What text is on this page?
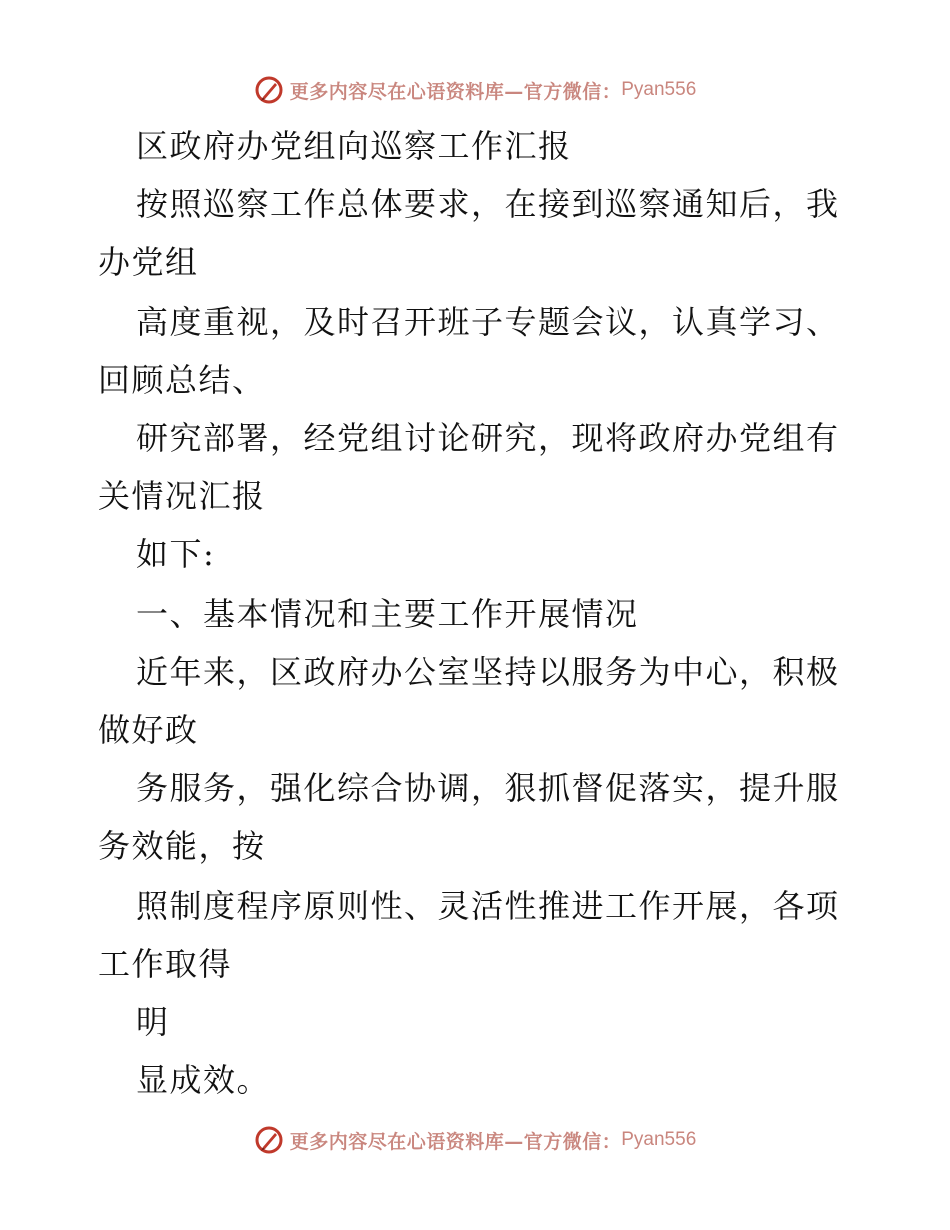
更多内容尽在心语资料库—官方微信： Pyan556
区政府办党组向巡察工作汇报
按照巡察工作总体要求，在接到巡察通知后，我
办党组
高度重视，及时召开班子专题会议，认真学习、
回顾总结、
研究部署，经党组讨论研究，现将政府办党组有
关情况汇报
如下:
一、基本情况和主要工作开展情况
近年来，区政府办公室坚持以服务为中心，积极
做好政
务服务，强化综合协调，狠抓督促落实，提升服
务效能，按
照制度程序原则性、灵活性推进工作开展，各项
工作取得
明
显成效。
更多内容尽在心语资料库—官方微信： Pyan556
